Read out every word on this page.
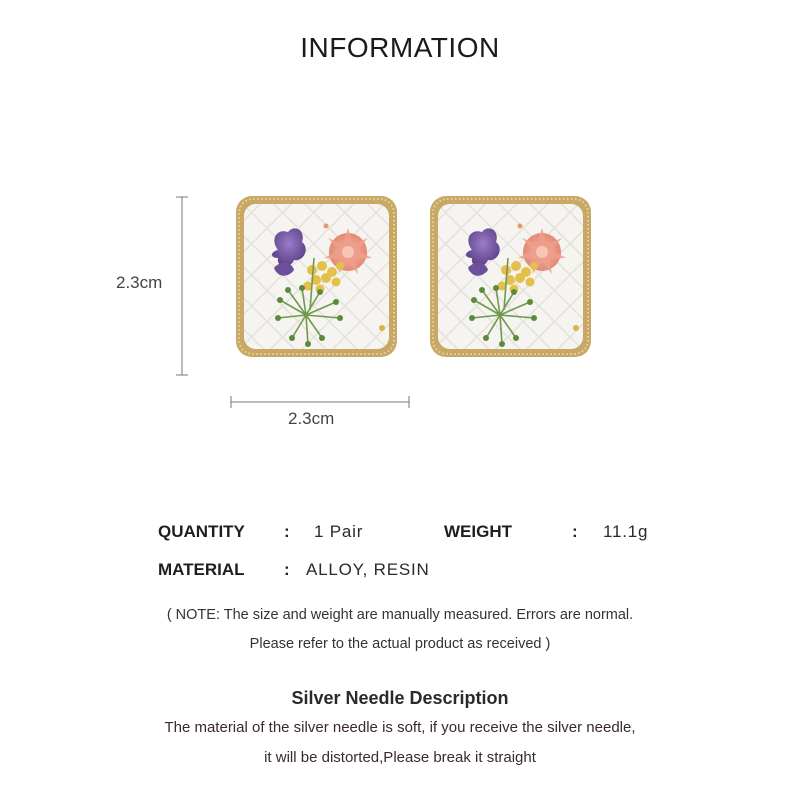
INFORMATION
2.3cm
2.3cm
QUANTITY : 1 Pair	WEIGHT	: 11.1g
MATERIAL : ALLOY, RESIN
( NOTE: The size and weight are manually measured. Errors are normal.
Please refer to the actual product as received )
Silver Needle Description
The material of the silver needle is soft, if you receive the silver needle,
it will be distorted,Please break it straight
